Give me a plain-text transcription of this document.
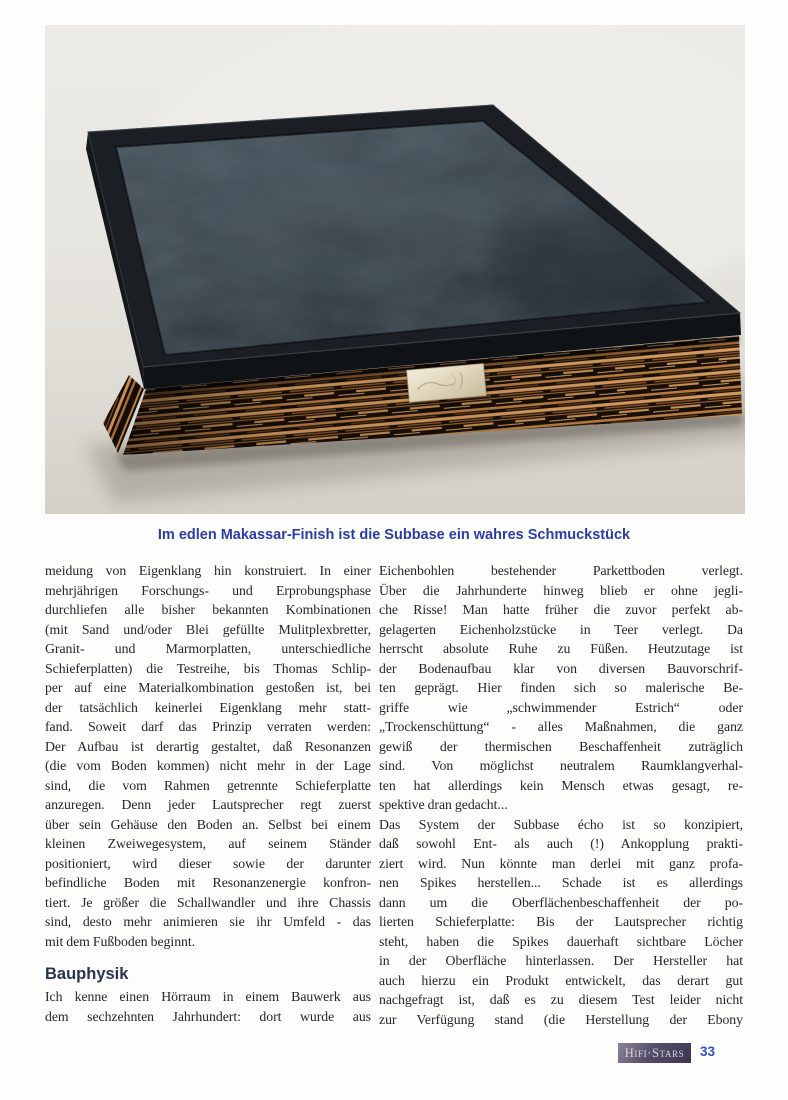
Im edlen Makassar-Finish ist die Subbase ein wahres Schmuckstück
meidung von Eigenklang hin konstruiert. In einer
mehrjährigen Forschungs- und Erprobungsphase
durchliefen alle bisher bekannten Kombinationen
(mit Sand und/oder Blei gefüllte Mulitplexbretter,
Granit- und Marmorplatten, unterschiedliche
Schieferplatten) die Testreihe, bis Thomas Schlip-
per auf eine Materialkombination gestoßen ist, bei
der tatsächlich keinerlei Eigenklang mehr statt-
fand. Soweit darf das Prinzip verraten werden:
Der Aufbau ist derartig gestaltet, daß Resonanzen
(die vom Boden kommen) nicht mehr in der Lage
sind, die vom Rahmen getrennte Schieferplatte
anzuregen. Denn jeder Lautsprecher regt zuerst
über sein Gehäuse den Boden an. Selbst bei einem
kleinen Zweiwegesystem, auf seinem Ständer
positioniert, wird dieser sowie der darunter
befindliche Boden mit Resonanzenergie konfron-
tiert. Je größer die Schallwandler und ihre Chassis
sind, desto mehr animieren sie ihr Umfeld - das
mit dem Fußboden beginnt.
Bauphysik
Ich kenne einen Hörraum in einem Bauwerk aus
dem sechzehnten Jahrhundert: dort wurde aus
Eichenbohlen bestehender Parkettboden verlegt.
Über die Jahrhunderte hinweg blieb er ohne jegli-
che Risse! Man hatte früher die zuvor perfekt ab-
gelagerten Eichenholzstücke in Teer verlegt. Da
herrscht absolute Ruhe zu Füßen. Heutzutage ist
der Bodenaufbau klar von diversen Bauvorschrif-
ten geprägt. Hier finden sich so malerische Be-
griffe wie „schwimmender Estrich“ oder
„Trockenschüttung“ - alles Maßnahmen, die ganz
gewiß der thermischen Beschaffenheit zuträglich
sind. Von möglichst neutralem Raumklangverhal-
ten hat allerdings kein Mensch etwas gesagt, re-
spektive dran gedacht...
Das System der Subbase écho ist so konzipiert,
daß sowohl Ent- als auch (!) Ankopplung prakti-
ziert wird. Nun könnte man derlei mit ganz profa-
nen Spikes herstellen... Schade ist es allerdings
dann um die Oberflächenbeschaffenheit der po-
lierten Schieferplatte: Bis der Lautsprecher richtig
steht, haben die Spikes dauerhaft sichtbare Löcher
in der Oberfläche hinterlassen. Der Hersteller hat
auch hierzu ein Produkt entwickelt, das derart gut
nachgefragt ist, daß es zu diesem Test leider nicht
zur Verfügung stand (die Herstellung der Ebony
Hifi·Stars	33
